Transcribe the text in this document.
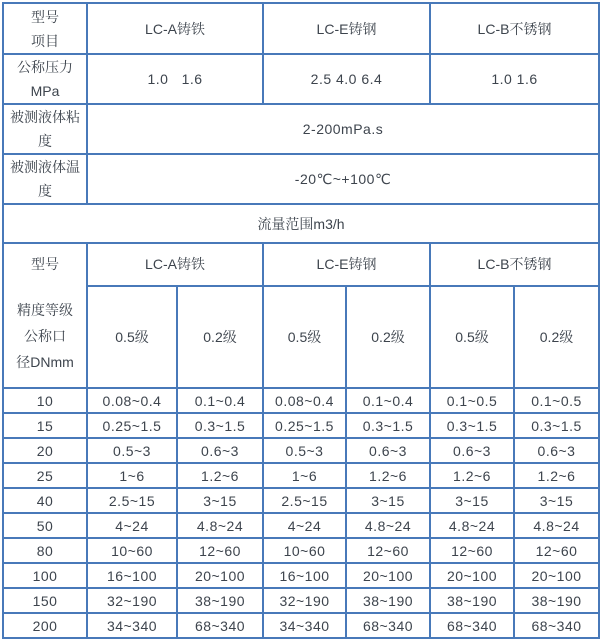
型号
项目	LC-A铸铁		LC-E铸钢		LC-B不锈钢	

公称压力
MPa	1.0   1.6		2.5 4.0 6.4		1.0 1.6	

被测液体粘
度	2-200mPa.s					

被测液体温
度	-20℃~+100℃					
流量范围m3/h						

型号
精度等级
公称口
径DNmm	LC-A铸铁		LC-E铸钢		LC-B不锈钢	
	0.5级	0.2级	0.5级	0.2级	0.5级	0.2级
10	0.08~0.4	0.1~0.4	0.08~0.4	0.1~0.4	0.1~0.5	0.1~0.5
15	0.25~1.5	0.3~1.5	0.25~1.5	0.3~1.5	0.3~1.5	0.3~1.5
20	0.5~3	0.6~3	0.5~3	0.6~3	0.6~3	0.6~3
25	1~6	1.2~6	1~6	1.2~6	1.2~6	1.2~6
40	2.5~15	3~15	2.5~15	3~15	3~15	3~15
50	4~24	4.8~24	4~24	4.8~24	4.8~24	4.8~24
80	10~60	12~60	10~60	12~60	12~60	12~60
100	16~100	20~100	16~100	20~100	20~100	20~100
150	32~190	38~190	32~190	38~190	38~190	38~190
200	34~340	68~340	34~340	68~340	68~340	68~340
